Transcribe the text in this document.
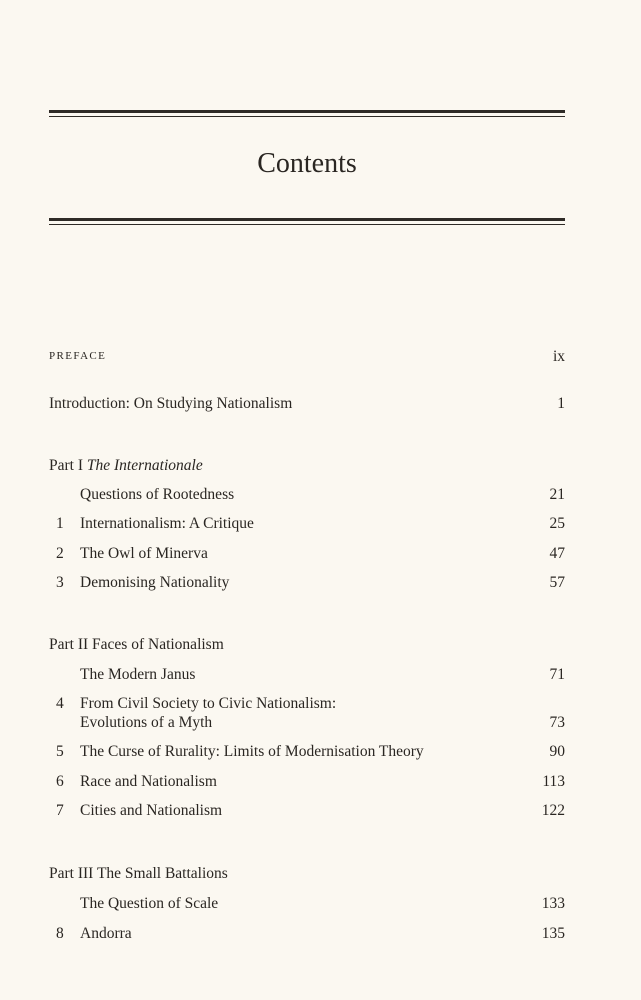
Contents
PREFACE	ix
Introduction: On Studying Nationalism	1
Part I The Internationale
Questions of Rootedness	21
1 Internationalism: A Critique	25
2 The Owl of Minerva	47
3 Demonising Nationality	57
Part II Faces of Nationalism
The Modern Janus	71
4 From Civil Society to Civic Nationalism:
Evolutions of a Myth	73
5 The Curse of Rurality: Limits of Modernisation Theory	90
6 Race and Nationalism	113
7 Cities and Nationalism	122
Part III The Small Battalions
The Question of Scale	133
8 Andorra	135
